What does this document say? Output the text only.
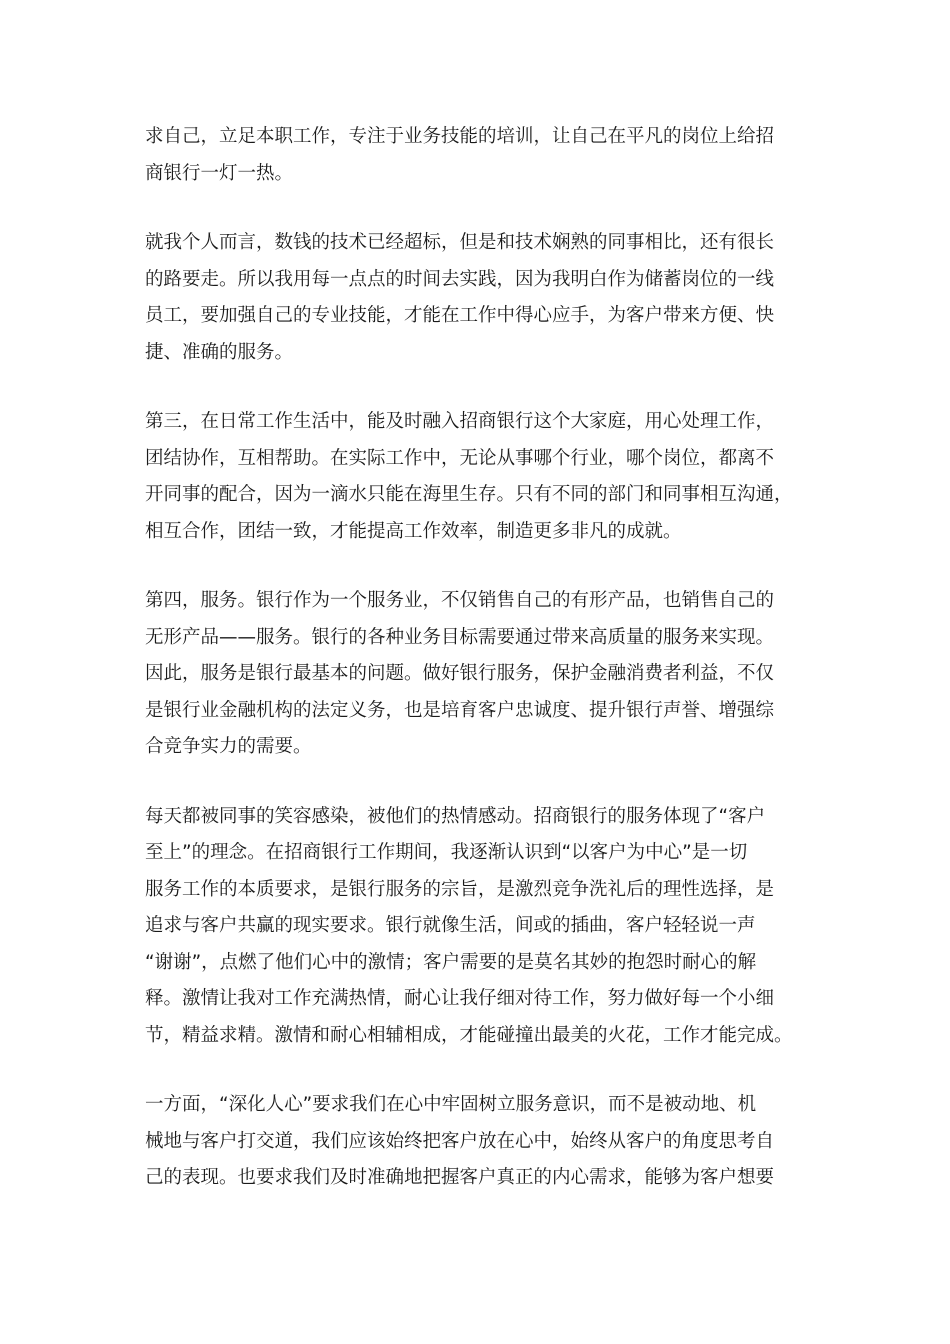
求自己，立足本职工作，专注于业务技能的培训，让自己在平凡的岗位上给招
商银行一灯一热。

就我个人而言，数钱的技术已经超标，但是和技术娴熟的同事相比，还有很长
的路要走。所以我用每一点点的时间去实践，因为我明白作为储蓄岗位的一线
员工，要加强自己的专业技能，才能在工作中得心应手，为客户带来方便、快
捷、准确的服务。

第三，在日常工作生活中，能及时融入招商银行这个大家庭，用心处理工作，
团结协作，互相帮助。在实际工作中，无论从事哪个行业，哪个岗位，都离不
开同事的配合，因为一滴水只能在海里生存。只有不同的部门和同事相互沟通，
相互合作，团结一致，才能提高工作效率，制造更多非凡的成就。

第四，服务。银行作为一个服务业，不仅销售自己的有形产品，也销售自己的
无形产品——服务。银行的各种业务目标需要通过带来高质量的服务来实现。
因此，服务是银行最基本的问题。做好银行服务，保护金融消费者利益，不仅
是银行业金融机构的法定义务，也是培育客户忠诚度、提升银行声誉、增强综
合竞争实力的需要。

每天都被同事的笑容感染，被他们的热情感动。招商银行的服务体现了“客户
至上”的理念。在招商银行工作期间，我逐渐认识到“以客户为中心”是一切
服务工作的本质要求，是银行服务的宗旨，是激烈竞争洗礼后的理性选择，是
追求与客户共赢的现实要求。银行就像生活，间或的插曲，客户轻轻说一声
“谢谢”，点燃了他们心中的激情；客户需要的是莫名其妙的抱怨时耐心的解
释。激情让我对工作充满热情，耐心让我仔细对待工作，努力做好每一个小细
节，精益求精。激情和耐心相辅相成，才能碰撞出最美的火花，工作才能完成。

一方面，“深化人心”要求我们在心中牢固树立服务意识，而不是被动地、机
械地与客户打交道，我们应该始终把客户放在心中，始终从客户的角度思考自
己的表现。也要求我们及时准确地把握客户真正的内心需求，能够为客户想要
